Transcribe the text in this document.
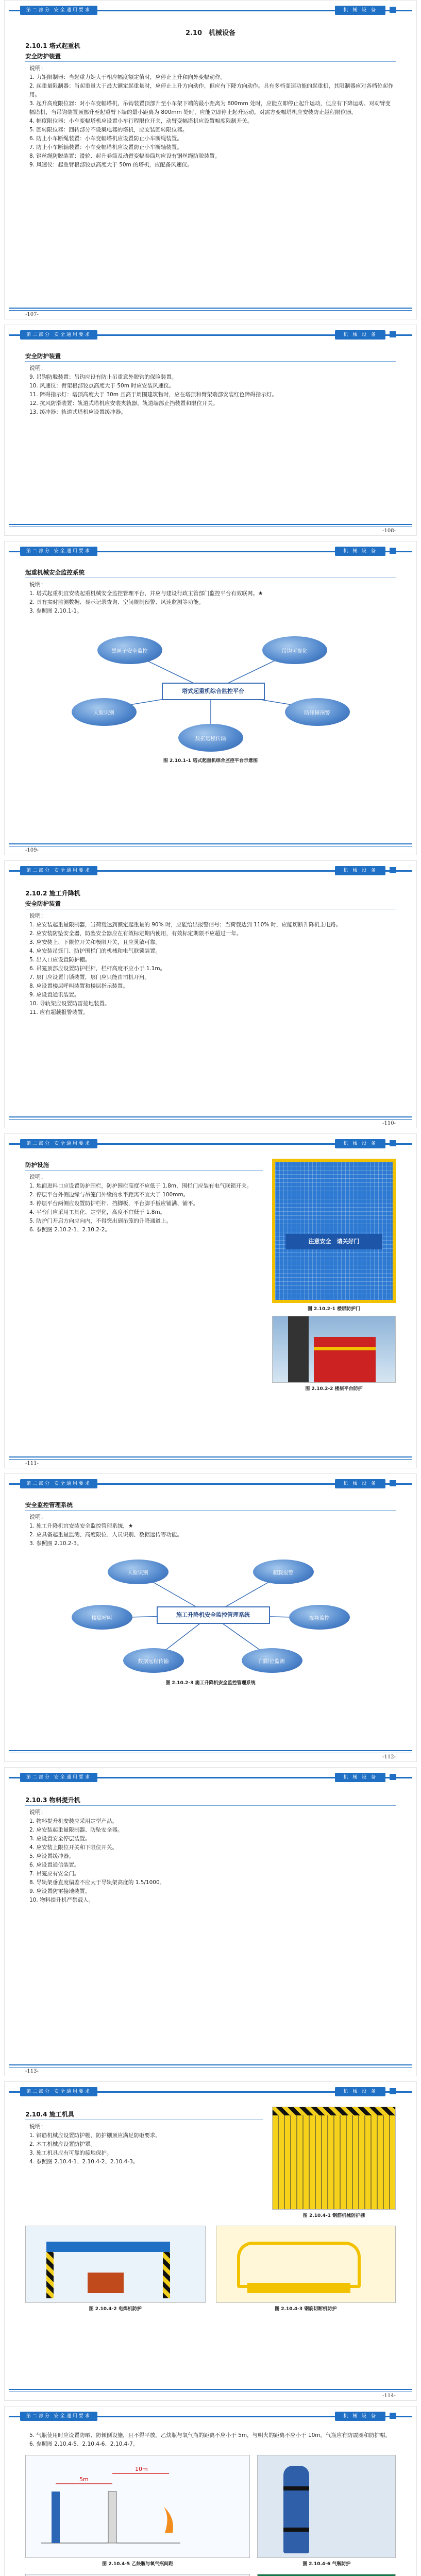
第二部分 安全通用要求	机 械 设 备
2.10　机械设备
2.10.1 塔式起重机
安全防护装置
说明：

1. 力矩限制器：当起重力矩大于相应幅度额定值时，应停止上升和向外变幅动作。

2. 起重量限制器：当起重量大于最大额定起重量时，应停止上升方向动作，但应有下降方向动作。具有多档变速功能的起重机，其限制器应对各档位起作用。

3. 起升高度限位器：对小车变幅塔机，吊钩装置顶部升至小车架下端的最小距离为 800mm 处时，应能立即停止起升运动，但应有下降运动。对动臂变幅塔机，当吊钩装置顶部升至起重臂下端的最小距离为 800mm 处时，应能立即停止起升运动。对需方变幅塔机应安装防止越程限位器。

4. 幅度限位器：小车变幅塔机应设置小车行程限位开关，动臂变幅塔机应设置幅度限制开关。

5. 回转限位器：回转部分不设集电器的塔机，应安装回转限位器。

6. 防止小车断绳装置：小车变幅塔机应设置防止小车断绳装置。

7. 防止小车断轴装置：小车变幅塔机应设置防止小车断轴装置。

8. 钢丝绳防脱装置：滑轮、起升卷筒及动臂变幅卷筒均应设有钢丝绳防脱装置。

9. 风速仪：起重臂根部铰点高度大于 50m 的塔机，应配备风速仪。

-107-
第二部分 安全通用要求	机 械 设 备
安全防护装置
说明：

9. 吊钩防脱装置：吊钩应设有防止吊重意外脱钩的保险装置。

10. 风速仪：臂架根部铰点高度大于 50m 时应安装风速仪。

11. 障碍指示灯：塔顶高度大于 30m 且高于周围建筑物时，应在塔顶和臂架端部安装红色障碍指示灯。

12. 抗风防滑装置：轨道式塔机应安装夹轨器、轨道端部止挡装置和限位开关。

13. 缓冲器：轨道式塔机应设置缓冲器。

-108-
第二部分 安全通用要求	机 械 设 备
起重机械安全监控系统
说明：

1. 塔式起重机宜安装起重机械安全监控管理平台，并应与建设行政主管部门监控平台有效联网。★

2. 具有实时监测数据、显示记录查询、空间限制预警、风速监测等功能。

3. 参照图 2.10.1-1。

黑匣子安全监控	吊钩可视化
人脸识别	防碰撞预警
数据远程传输
塔式起重机综合监控平台
图 2.10.1-1 塔式起重机综合监控平台示意图
-109-
第二部分 安全通用要求	机 械 设 备
2.10.2 施工升降机
安全防护装置
说明：

1. 应安装起重量限制器，当荷载达到额定起重量的 90% 时，应能给出报警信号；当荷载达到 110% 时，应能切断升降机主电路。

2. 应安装防坠安全器，防坠安全器应在有效标定期内使用，有效标定期限不应超过一年。

3. 应安装上、下限位开关和极限开关，且应灵敏可靠。

4. 应安装吊笼门、防护围栏门的机械和电气联锁装置。

5. 出入口应设置防护棚。

6. 吊笼顶部应设置防护栏杆，栏杆高度不应小于 1.1m。

7. 层门应设置门锁装置，层门应只能由司机开启。

8. 应设置楼层呼叫装置和楼层指示装置。

9. 应设置通讯装置。

10. 导轨架应设置防雷接地装置。

11. 应有超载报警装置。

-110-
第二部分 安全通用要求	机 械 设 备
防护设施
说明：

1. 地面进料口应设置防护围栏，防护围栏高度不应低于 1.8m，围栏门应装有电气联锁开关。

2. 停层平台外侧边缘与吊笼门外缘的水平距离不宜大于 100mm。

3. 停层平台两侧应设置防护栏杆、挡脚板，平台脚手板应铺满、铺平。

4. 平台门应采用工具化、定型化，高度不宜低于 1.8m。

5. 防护门开启方向应向内，不得突出到吊笼的升降通道上。

6. 参照图 2.10.2-1、2.10.2-2。

注意安全　请关好门
图 2.10.2-1 楼层防护门
图 2.10.2-2 楼层平台防护
-111-
第二部分 安全通用要求	机 械 设 备
安全监控管理系统
说明：

1. 施工升降机宜安装安全监控管理系统，★

2. 应具备起重量监测、高度限位、人员识别、数据远传等功能。

3. 参照图 2.10.2-3。

人脸识别	超载报警
楼层呼叫	视频监控
数据远程传输	门限位监测
施工升降机安全监控管理系统
图 2.10.2-3 施工升降机安全监控管理系统
-112-
第二部分 安全通用要求	机 械 设 备
2.10.3 物料提升机
说明：

1. 物料提升机安装应采用定型产品。

2. 应安装起重量限制器、防坠安全器。

3. 应设置安全停层装置。

4. 应安装上限位开关和下限位开关。

5. 应设置缓冲器。

6. 应设置通信装置。

7. 吊笼应有安全门。

8. 导轨架垂直度偏差不应大于导轨架高度的 1.5/1000。

9. 应设置防雷接地装置。

10. 物料提升机严禁载人。

-113-
第二部分 安全通用要求	机 械 设 备
2.10.4 施工机具
说明：

1. 钢筋机械应设置防护棚，防护棚顶应满足防砸要求。

2. 木工机械应设置防护罩。

3. 施工机具应有可靠的接地保护。

4. 参照图 2.10.4-1、2.10.4-2、2.10.4-3。

图 2.10.4-1 钢筋机械防护棚
图 2.10.4-2 电焊机防护	图 2.10.4-3 钢筋切断机防护
-114-
第二部分 安全通用要求	机 械 设 备

5. 气瓶使用时应设置防晒、防倾倒设施，且不得平放。乙炔瓶与氧气瓶的距离不应小于 5m，与明火的距离不应小于 10m。气瓶应有防震圈和防护帽。

6. 参照图 2.10.4-5、2.10.4-6、2.10.4-7。

5m
10m
图 2.10.4-5 乙炔瓶与氧气瓶间距	图 2.10.4-6 气瓶防护
